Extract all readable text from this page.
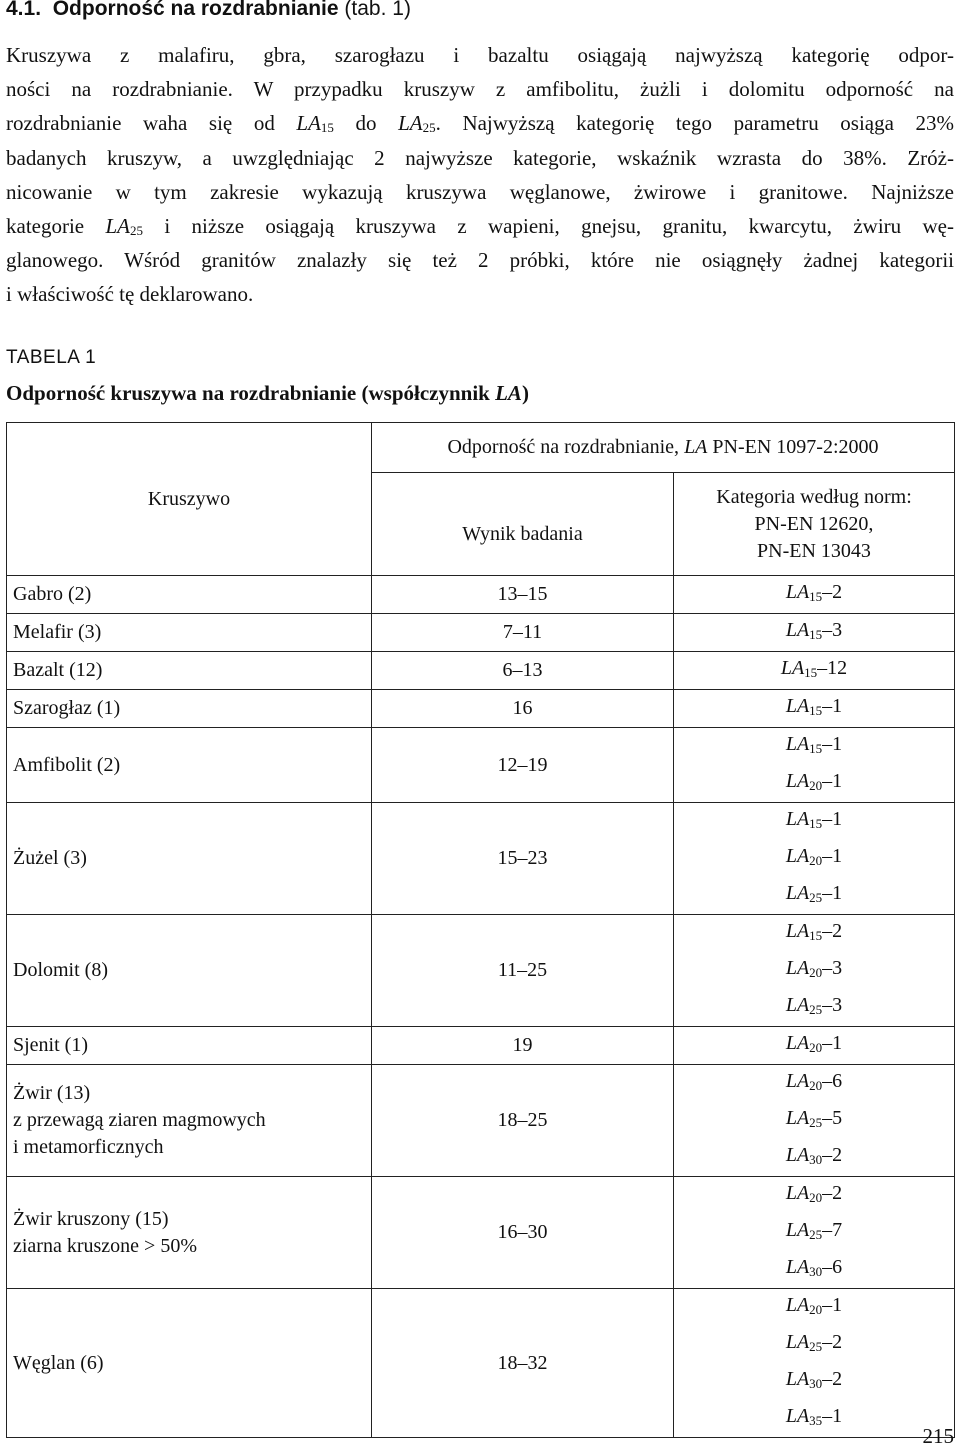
4.1. Odporność na rozdrabnianie (tab. 1)
Kruszywa z malafiru, gbra, szarogłazu i bazaltu osiągają najwyższą kategorię odpor-
ności na rozdrabnianie. W przypadku kruszyw z amfibolitu, żużli i dolomitu odporność na
rozdrabnianie waha się od $LA_{15}$ do $LA_{25}$. Najwyższą kategorię tego parametru osiąga 23%
badanych kruszyw, a uwzględniając 2 najwyższe kategorie, wskaźnik wzrasta do 38%. Zróż-
nicowanie w tym zakresie wykazują kruszywa węglanowe, żwirowe i granitowe. Najniższe
kategorie $LA_{25}$ i niższe osiągają kruszywa z wapieni, gnejsu, granitu, kwarcytu, żwiru wę-
glanowego. Wśród granitów znalazły się też 2 próbki, które nie osiągnęły żadnej kategorii
i właściwość tę deklarowano.
TABELA 1
Odporność kruszywa na rozdrabnianie (współczynnik LA)
Kruszywo	Odporność na rozdrabnianie, LA PN-EN 1097-2:2000	
	Wynik badania	Kategoria według norm:
PN-EN 12620,
PN-EN 13043

Gabro (2)	13–15	$LA_{15}-2$

Melafir (3)	7–11	$LA_{15}-3$

Bazalt (12)	6–13	$LA_{15}-12$

Szarogłaz (1)	16	$LA_{15}-1$

Amfibolit (2)	12–19	$LA_{15}-1$
$LA_{20}-1$

Żużel (3)	15–23	$LA_{15}-1$
$LA_{20}-1$
$LA_{25}-1$

Dolomit (8)	11–25	$LA_{15}-2$
$LA_{20}-3$
$LA_{25}-3$

Sjenit (1)	19	$LA_{20}-1$

Żwir (13)
z przewagą ziaren magmowych
i metamorficznych	18–25	$LA_{20}-6$
$LA_{25}-5$
$LA_{30}-2$

Żwir kruszony (15)
ziarna kruszone > 50%	16–30	$LA_{20}-2$
$LA_{25}-7$
$LA_{30}-6$

Węglan (6)	18–32	$LA_{20}-1$
$LA_{25}-2$
$LA_{30}-2$
$LA_{35}-1$
215
